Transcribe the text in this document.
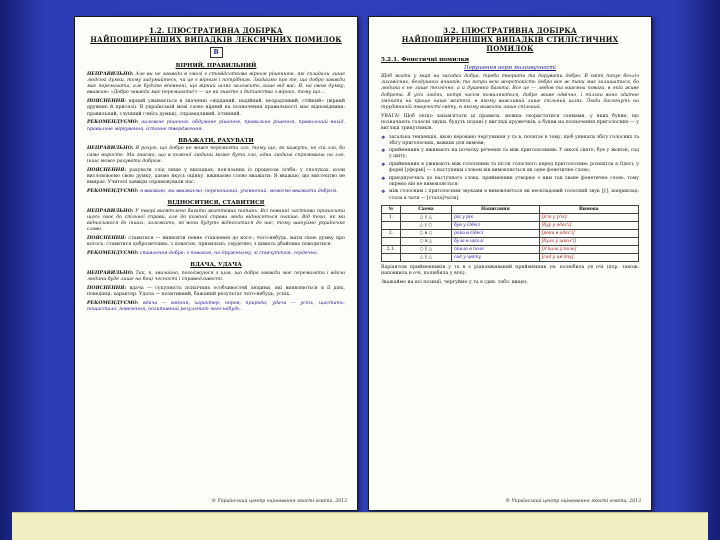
1.2. ІЛЮСТРАТИВНА ДОБІРКА
НАЙПОШИРЕНІШИХ ВИПАДКІВ ЛЕКСИЧНИХ ПОМИЛОК
В
ВІРНИЙ, ПРАВИЛЬНИЙ

НЕПРАВИЛЬНО: Але ви не завжди в змозі є стовідсотково вірним рішенням, які складали лише людські думки, тому задумайтесь, чи це є вірним і потрібним. Згадаймо про те, що добро завжди має перемагати, але будьте впевнені, що вірний шлях залежить лише від вас. Я, на свою думку, вважаю: «Добро завжди має перемагати!» — це ви знаєте з дитинства з вірних, тому що…

ПОЯСНЕННЯ: вірний уживається в значенні «відданий, надійний, незрадливий, стійкий» (вірний дружині й присязі). В українській мові слово вірний на позначення правильності має відповідники: правильний, слушний (чиїсь думки), справедливий, істинний.

РЕКОМЕНДУЄМО: належне рішення, обдумане рішення, правильне рішення, правильний вихід, правильне міркування, істинне твердження.

ВВАЖАТИ, РАХУВАТИ

НЕПРАВИЛЬНО: Я рахую, що добро не може перемогти зло, тому що, як кажуть, не сій зла, бо само виросте. Ми знаємо, що в кожної людини може бути зло, одна людина спрямована на зло, інша може рахувати добром.

ПОЯСНЕННЯ: рахувати слід лише у випадках, пов'язаних із процесом лічби; у сполуках, коли висловлюємо свою думку, даємо якусь оцінку, вживаємо слово вважати: Я вважаю, що мистецтво не вмирає. Учителі завжди спрямовували нас.

РЕКОМЕНДУЄМО: я вважаю, ми вважаємо, переконаний, упевнений, можемо вважати добром.

ВІДНОСИТИСЯ, СТАВИТИСЯ

НЕПРАВИЛЬНО: У творі висвітлено багато життєвих питань. Всі повинні частково приносити щось своє до спільної справи, але до кожної справи люди відносяться інакше. Від того, як ми відносимося до інших, залежить, як вони будуть відноситися до нас, тому шануймо українське слово.

ПОЯСНЕННЯ: ставитися — виявляти певне ставлення до кого-, чого-небудь, мати свою думку про когось: ставитися доброзичливо, з повагою, прихильно, сердечно; з кимось дбайливо поводитися.

РЕКОМЕНДУЄМО: ставлення добре: з повагою, по-дружньому, зі співчуттям, сердечно.

ВДАЧА, УДАЧА

НЕПРАВИЛЬНО: Так, я, звичайно, погоджуюся з цим, що добро завжди має перемагати і вдача людини буде лише на боці чесності і справедливості.

ПОЯСНЕННЯ: вдача — сукупність психічних особливостей людини, які виявляються в її діях, поведінці; характер. Удача — позитивний, бажаний результат чого-небудь; успіх.

РЕКОМЕНДУЄМО: вдача — вміння, характер, норов, природа; удача — успіх, щастить, пощастило, повезення, позитивний результат чого-небудь.

© Український центр оцінювання якості освіти, 2013
3.2. ІЛЮСТРАТИВНА ДОБІРКА
НАЙПОШИРЕНІШИХ ВИПАДКІВ СТИЛІСТИЧНИХ ПОМИЛОК
5.2.1. Фонетичні помилки
Порушення норм милозвучності

Щоб жити у мирі на засадах добра, треба творити та дарувати добро. В світі панує безліч лиховісних, бездушних вчинків, та попри всю жорстокість добро все ж таки має залишатися, бо людина є не лише технічно, а й душевно багата. Все це — любов та взаємна повага, в якій живе доброта. В усіх людях, котрі часом помиляються, добро живе одвічно, і тільки воно здатне змінити на краще наше життя, в якому важливий лише спільний шлях. Люди досягнуть на трудівничій творчості світу, в якому вижити лише спільний.

УВАГА! Щоб легко запам'ятати ці правила, можна скористатися схемами, у яких букви, що позначають голосні звуки, будуть подані у вигляді кружечків, а букви на позначення приголосних — у вигляді трикутників.

❖ загальна тенденція, якою керовано чергування у та в, полягає в тому, щоб уникати збігу голосних та збігу приголосних, важких для вимови;
❖ прийменник у вживають на початку речення та між приголосними: У школі свято; був у жовтні; сад у цвіту;
❖ прийменник в уживають між голосними та після голосного перед приголосним: розквітла в Одесі; у формі [уформі] — з наступним словом він вимовляється як одне фонетичне слово;
❖ приєднуючись до наступного слова, прийменник утворює з ним так зване фонетичне слово, тому окремо він не вимовляється;
❖ між голосним і приголосним звуками в вимовляється як нескладовий голосний звук [ў], наприклад: стала в чати — [сталаўчати].
№	Схема	Написання	Вимова
1.	△ у △	рік у рік	[р'ік у р'ік]
	△ у ○	був у Одесі	[буў у одес'і]
2.	○ в ○	роки в Одесі	[роки в одес'і]
	○ в △	була в школі	[була ў школ'і]
2.1.	○ ў △	пішла в поле	[п'ішла ў поле]
	△ у △	сад у цвіту	[сад у цв'іту]

Варіантом прийменників у та в є рідковживаний прийменник ув: полюбила ув очі (пор. також: наповнила в очі, полюбила у вічі).

Зважаймо на всі позиції, чергуймо у та в (див. табл. вище).

© Український центр оцінювання якості освіти, 2013
